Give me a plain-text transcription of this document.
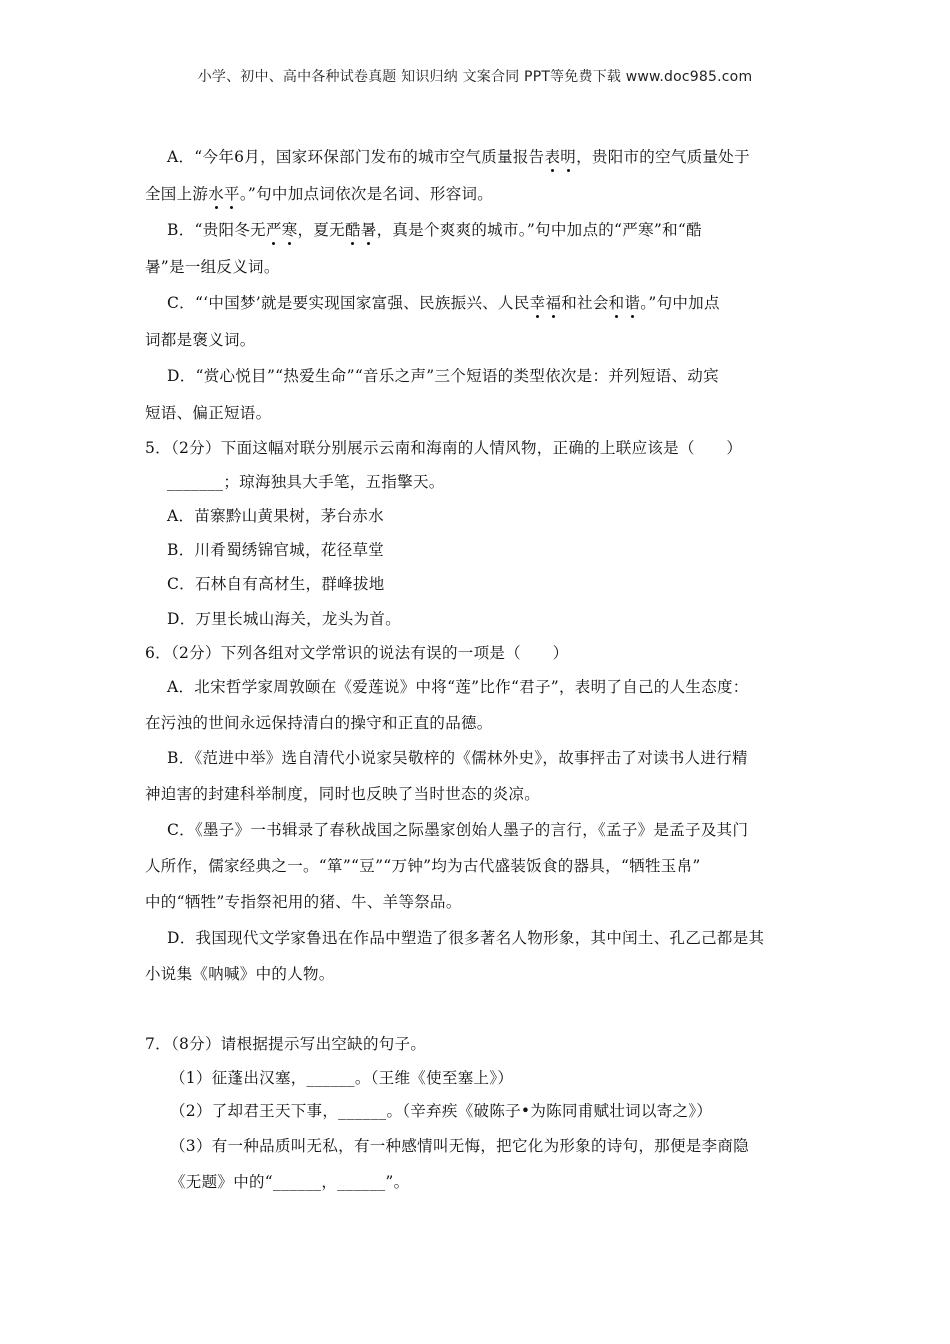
小学、初中、高中各种试卷真题 知识归纳 文案合同 PPT等免费下载 www.doc985.com
A．“今年6月，国家环保部门发布的城市空气质量报告表明，贵阳市的空气质量处于
全国上游水平。”句中加点词依次是名词、形容词。
B．“贵阳冬无严寒，夏无酷暑，真是个爽爽的城市。”句中加点的“严寒”和“酷
暑”是一组反义词。
C．“‘中国梦’就是要实现国家富强、民族振兴、人民幸福和社会和谐。”句中加点
词都是褒义词。
D．“赏心悦目”“热爱生命”“音乐之声”三个短语的类型依次是：并列短语、动宾
短语、偏正短语。
5．（2分）下面这幅对联分别展示云南和海南的人情风物，正确的上联应该是（　　）
_______；琼海独具大手笔，五指擎天。
A．苗寨黔山黄果树，茅台赤水
B．川肴蜀绣锦官城，花径草堂
C．石林自有高材生，群峰拔地
D．万里长城山海关，龙头为首。
6．（2分）下列各组对文学常识的说法有误的一项是（　　）
A．北宋哲学家周敦颐在《爱莲说》中将“莲”比作“君子”，表明了自己的人生态度：
在污浊的世间永远保持清白的操守和正直的品德。
B．《范进中举》选自清代小说家吴敬梓的《儒林外史》，故事抨击了对读书人进行精
神迫害的封建科举制度，同时也反映了当时世态的炎凉。
C．《墨子》一书辑录了春秋战国之际墨家创始人墨子的言行，《孟子》是孟子及其门
人所作，儒家经典之一。“箪”“豆”“万钟”均为古代盛装饭食的器具，“牺牲玉帛”
中的“牺牲”专指祭祀用的猪、牛、羊等祭品。
D．我国现代文学家鲁迅在作品中塑造了很多著名人物形象，其中闰土、孔乙己都是其
小说集《呐喊》中的人物。
7．（8分）请根据提示写出空缺的句子。
（1）征蓬出汉塞，______。（王维《使至塞上》）
（2）了却君王天下事，______。（辛弃疾《破陈子•为陈同甫赋壮词以寄之》）
（3）有一种品质叫无私，有一种感情叫无悔，把它化为形象的诗句，那便是李商隐
《无题》中的“______，______”。
